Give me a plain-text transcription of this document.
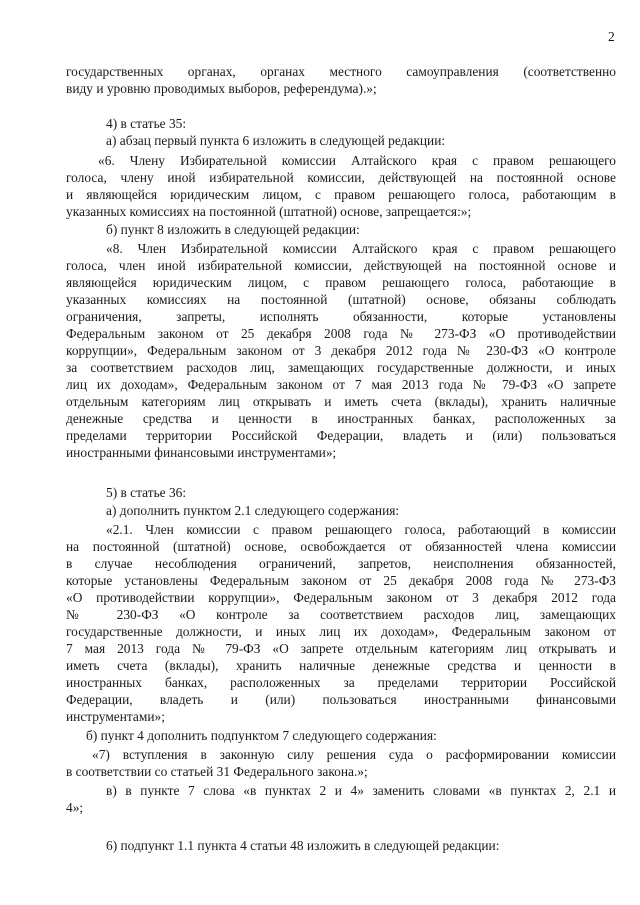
2
государственных органах, органах местного самоуправления (соответственно
виду и уровню проводимых выборов, референдума).»;
4) в статье 35:
а) абзац первый пункта 6 изложить в следующей редакции:
«6. Члену Избирательной комиссии Алтайского края с правом решающего
голоса, члену иной избирательной комиссии, действующей на постоянной основе
и являющейся юридическим лицом, с правом решающего голоса, работающим в
указанных комиссиях на постоянной (штатной) основе, запрещается:»;
б) пункт 8 изложить в следующей редакции:
«8. Член Избирательной комиссии Алтайского края с правом решающего
голоса, член иной избирательной комиссии, действующей на постоянной основе и
являющейся юридическим лицом, с правом решающего голоса, работающие в
указанных комиссиях на постоянной (штатной) основе, обязаны соблюдать
ограничения, запреты, исполнять обязанности, которые установлены
Федеральным законом от 25 декабря 2008 года № 273-ФЗ «О противодействии
коррупции», Федеральным законом от 3 декабря 2012 года № 230-ФЗ «О контроле
за соответствием расходов лиц, замещающих государственные должности, и иных
лиц их доходам», Федеральным законом от 7 мая 2013 года № 79-ФЗ «О запрете
отдельным категориям лиц открывать и иметь счета (вклады), хранить наличные
денежные средства и ценности в иностранных банках, расположенных за
пределами территории Российской Федерации, владеть и (или) пользоваться
иностранными финансовыми инструментами»;
5) в статье 36:
а) дополнить пунктом 2.1 следующего содержания:
«2.1. Член комиссии с правом решающего голоса, работающий в комиссии
на постоянной (штатной) основе, освобождается от обязанностей члена комиссии
в случае несоблюдения ограничений, запретов, неисполнения обязанностей,
которые установлены Федеральным законом от 25 декабря 2008 года № 273-ФЗ
«О противодействии коррупции», Федеральным законом от 3 декабря 2012 года
№ 230-ФЗ «О контроле за соответствием расходов лиц, замещающих
государственные должности, и иных лиц их доходам», Федеральным законом от
7 мая 2013 года № 79-ФЗ «О запрете отдельным категориям лиц открывать и
иметь счета (вклады), хранить наличные денежные средства и ценности в
иностранных банках, расположенных за пределами территории Российской
Федерации, владеть и (или) пользоваться иностранными финансовыми
инструментами»;
б) пункт 4 дополнить подпунктом 7 следующего содержания:
«7) вступления в законную силу решения суда о расформировании комиссии
в соответствии со статьей 31 Федерального закона.»;
в) в пункте 7 слова «в пунктах 2 и 4» заменить словами «в пунктах 2, 2.1 и
4»;
6) подпункт 1.1 пункта 4 статьи 48 изложить в следующей редакции:
